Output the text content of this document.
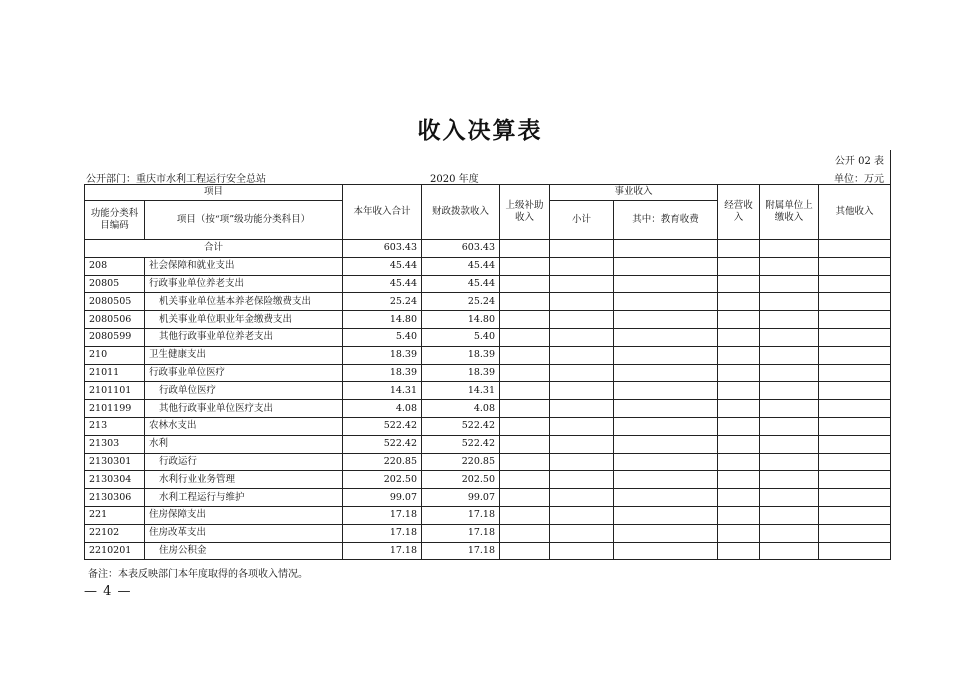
收入决算表
公开 02 表
公开部门：重庆市水利工程运行安全总站	2020 年度	单位：万元
项目		本年收入合计	财政拨款收入	上级补助收入	事业收入		经营收入	附属单位上缴收入	其他收入
功能分类科目编码	项目（按“项”级功能分类科目）				小计	其中：教育收费			
合计		603.43	603.43						
208	社会保障和就业支出	45.44	45.44						
20805	行政事业单位养老支出	45.44	45.44						
2080505	机关事业单位基本养老保险缴费支出	25.24	25.24						
2080506	机关事业单位职业年金缴费支出	14.80	14.80						
2080599	其他行政事业单位养老支出	5.40	5.40						
210	卫生健康支出	18.39	18.39						
21011	行政事业单位医疗	18.39	18.39						
2101101	行政单位医疗	14.31	14.31						
2101199	其他行政事业单位医疗支出	4.08	4.08						
213	农林水支出	522.42	522.42						
21303	水利	522.42	522.42						
2130301	行政运行	220.85	220.85						
2130304	水利行业业务管理	202.50	202.50						
2130306	水利工程运行与维护	99.07	99.07						
221	住房保障支出	17.18	17.18						
22102	住房改革支出	17.18	17.18						
2210201	住房公积金	17.18	17.18						
备注：本表反映部门本年度取得的各项收入情况。
— 4 —
